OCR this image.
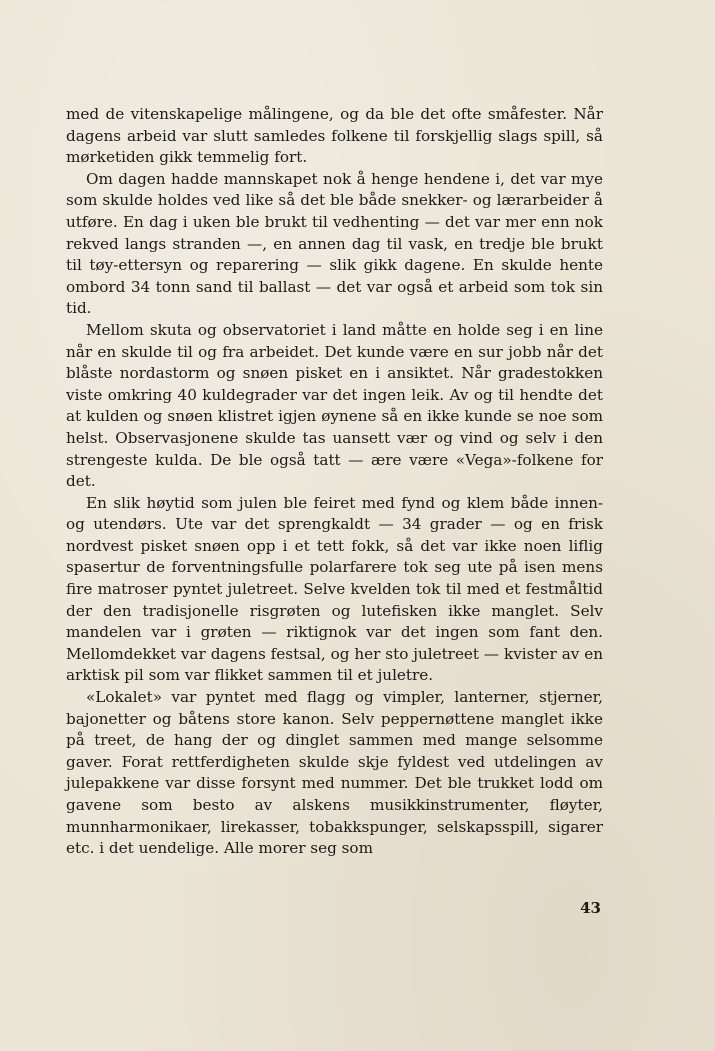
med de vitenskapelige målingene, og da ble det ofte småfester. Når dagens arbeid var slutt samledes folkene til forskjellig slags spill, så mørketiden gikk temmelig fort.

Om dagen hadde mannskapet nok å henge hendene i, det var mye som skulde holdes ved like så det ble både snekker- og lærarbeider å utføre. En dag i uken ble brukt til vedhenting — det var mer enn nok rekved langs stranden —, en annen dag til vask, en tredje ble brukt til tøy-ettersyn og reparering — slik gikk dagene. En skulde hente ombord 34 tonn sand til ballast — det var også et arbeid som tok sin tid.

Mellom skuta og observatoriet i land måtte en holde seg i en line når en skulde til og fra arbeidet. Det kunde være en sur jobb når det blåste nordastorm og snøen pisket en i ansiktet. Når gradestokken viste omkring 40 kuldegrader var det ingen leik. Av og til hendte det at kulden og snøen klistret igjen øynene så en ikke kunde se noe som helst. Observasjonene skulde tas uansett vær og vind og selv i den strengeste kulda. De ble også tatt — ære være «Vega»-folkene for det.

En slik høytid som julen ble feiret med fynd og klem både innen- og utendørs. Ute var det sprengkaldt — 34 grader — og en frisk nordvest pisket snøen opp i et tett fokk, så det var ikke noen liflig spasertur de forventningsfulle polarfarere tok seg ute på isen mens fire matroser pyntet juletreet. Selve kvelden tok til med et festmåltid der den tradisjonelle risgrøten og lutefisken ikke manglet. Selv mandelen var i grøten — riktignok var det ingen som fant den. Mellomdekket var dagens festsal, og her sto juletreet — kvister av en arktisk pil som var flikket sammen til et juletre.

«Lokalet» var pyntet med flagg og vimpler, lanterner, stjerner, bajonetter og båtens store kanon. Selv peppernøttene manglet ikke på treet, de hang der og dinglet sammen med mange selsomme gaver. Forat rettferdigheten skulde skje fyldest ved utdelingen av julepakkene var disse forsynt med nummer. Det ble trukket lodd om gavene som besto av alskens musikkinstrumenter, fløyter, munnharmonikaer, lirekasser, tobakkspunger, selskapsspill, sigarer etc. i det uendelige. Alle morer seg som

43
